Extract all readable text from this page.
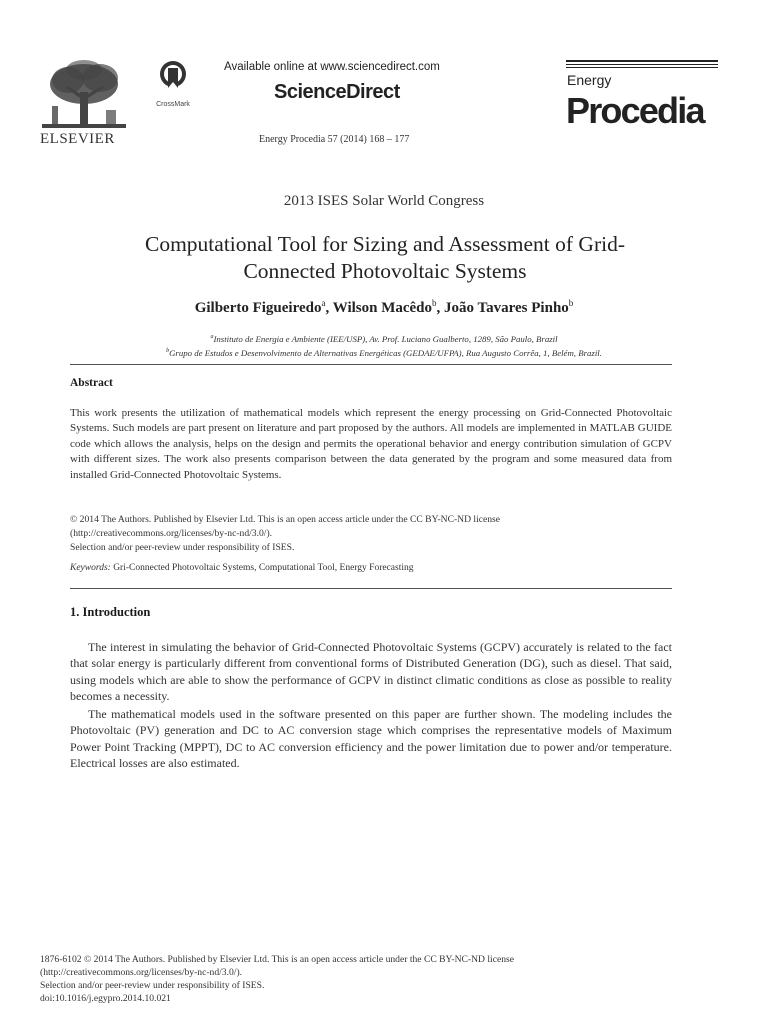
ELSEVIER
CrossMark
Available online at www.sciencedirect.com
ScienceDirect
Energy Procedia 57 (2014) 168 – 177
Energy
Procedia
2013 ISES Solar World Congress
Computational Tool for Sizing and Assessment of Grid-
Connected Photovoltaic Systems
Gilberto Figueiredo$^a$, Wilson Macêdo$^b$, João Tavares Pinho$^b$
$^a$Instituto de Energia e Ambiente (IEE/USP), Av. Prof. Luciano Gualberto, 1289, São Paulo, Brazil
$^b$Grupo de Estudos e Desenvolvimento de Alternativas Energéticas (GEDAE/UFPA), Rua Augusto Corrêa, 1, Belém, Brazil.
Abstract
This work presents the utilization of mathematical models which represent the energy processing on Grid-Connected Photovoltaic Systems. Such models are part present on literature and part proposed by the authors. All models are implemented in MATLAB GUIDE code which allows the analysis, helps on the design and permits the operational behavior and energy contribution simulation of GCPV with different sizes. The work also presents comparison between the data generated by the program and some measured data from installed Grid-Connected Photovoltaic Systems.
© 2014 The Authors. Published by Elsevier Ltd. This is an open access article under the CC BY-NC-ND license
(http://creativecommons.org/licenses/by-nc-nd/3.0/).
Selection and/or peer-review under responsibility of ISES.
Keywords: Gri-Connected Photovoltaic Systems, Computational Tool, Energy Forecasting
1. Introduction
The interest in simulating the behavior of Grid-Connected Photovoltaic Systems (GCPV) accurately is related to the fact that solar energy is particularly different from conventional forms of Distributed Generation (DG), such as diesel. That said, using models which are able to show the performance of GCPV in distinct climatic conditions as close as possible to reality becomes a necessity.
The mathematical models used in the software presented on this paper are further shown. The modeling includes the Photovoltaic (PV) generation and DC to AC conversion stage which comprises the representative models of Maximum Power Point Tracking (MPPT), DC to AC conversion efficiency and the power limitation due to power and/or temperature. Electrical losses are also estimated.
1876-6102 © 2014 The Authors. Published by Elsevier Ltd. This is an open access article under the CC BY-NC-ND license
(http://creativecommons.org/licenses/by-nc-nd/3.0/).
Selection and/or peer-review under responsibility of ISES.
doi:10.1016/j.egypro.2014.10.021
